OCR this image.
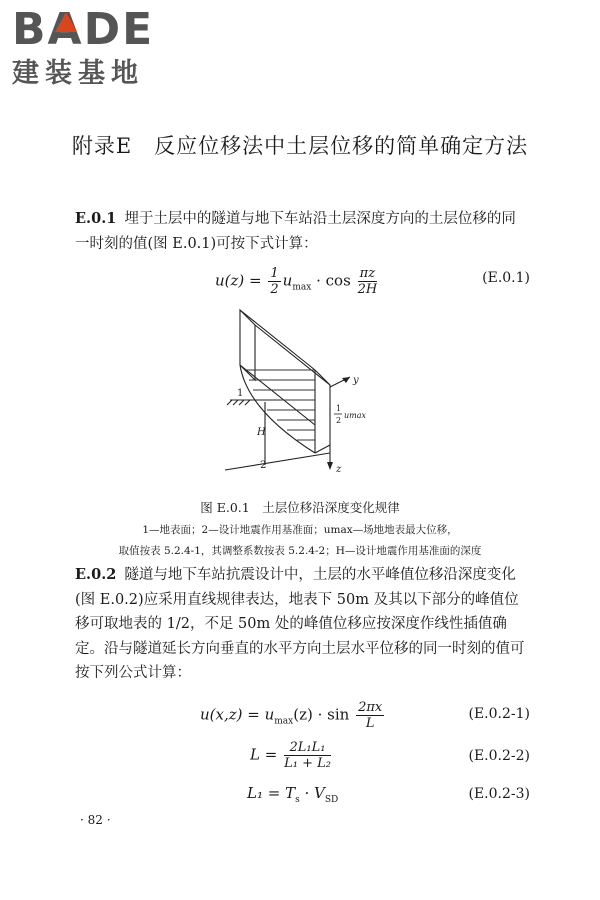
BADE
建装基地
附录E　反应位移法中土层位移的简单确定方法
E.0.1 埋于土层中的隧道与地下车站沿土层深度方向的土层位移的同一时刻的值(图 E.0.1)可按下式计算：
$u(z) = \frac{1}{2} u_{max} \cdot \cos \frac{\pi z}{2H}$	(E.0.1)
1
2
H
y
z
1
2
umax
图 E.0.1　土层位移沿深度变化规律
1—地表面；2—设计地震作用基准面；umax—场地地表最大位移，
取值按表 5.2.4-1，其调整系数按表 5.2.4-2；H—设计地震作用基准面的深度
E.0.2 隧道与地下车站抗震设计中，土层的水平峰值位移沿深度变化(图 E.0.2)应采用直线规律表达，地表下 50m 及其以下部分的峰值位移可取地表的 1/2，不足 50m 处的峰值位移应按深度作线性插值确定。沿与隧道延长方向垂直的水平方向土层水平位移的同一时刻的值可按下列公式计算：
$u(x,z) = u_{max}(z) \cdot \sin \frac{2\pi x}{L}$	(E.0.2-1)
$L = \frac{\text{2L₁L₁}}{\text{L₁ + L₂}}$	(E.0.2-2)
$L_1 = T_s \cdot V_{SD}$	(E.0.2-3)
· 82 ·
